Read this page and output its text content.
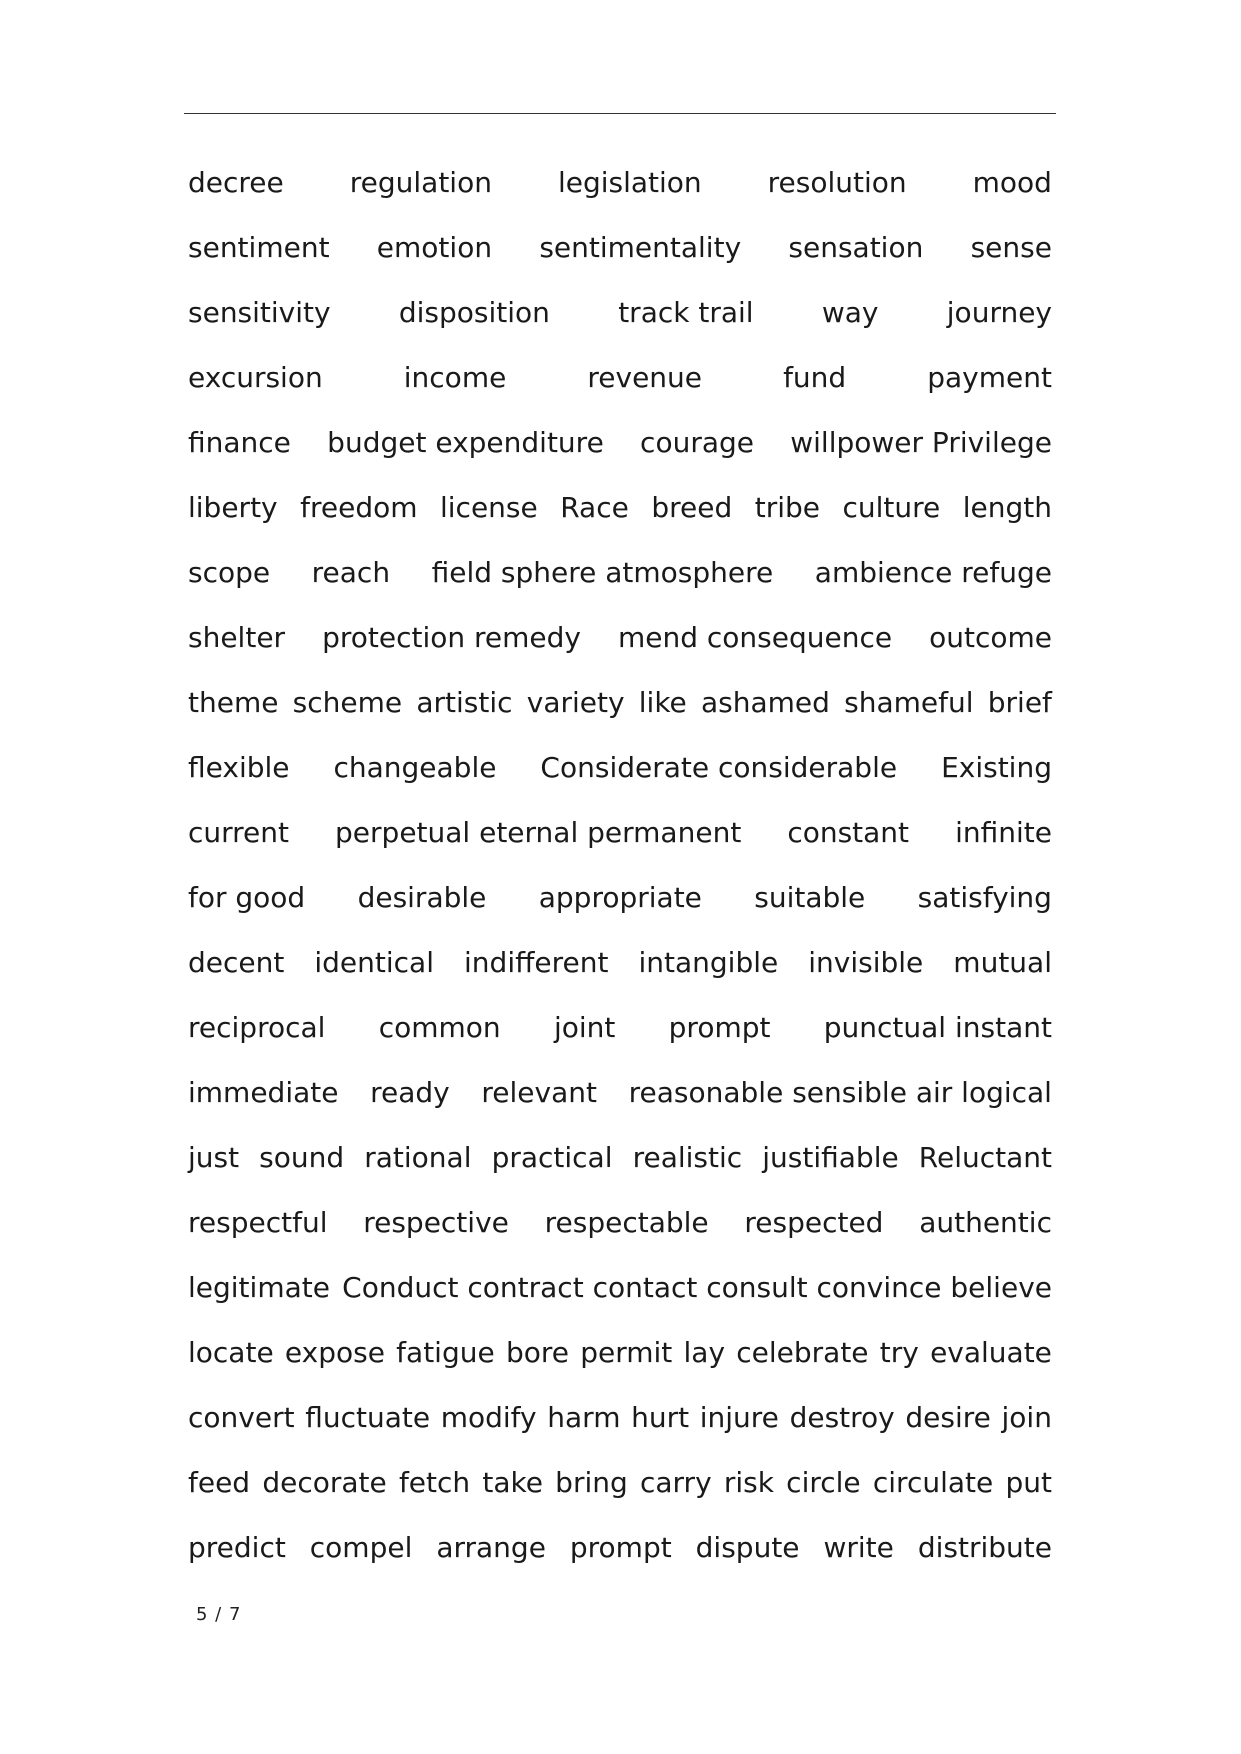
decree regulation legislation resolution mood
sentiment emotion sentimentality sensation sense
sensitivity disposition track trail way journey
excursion	income	revenue	fund	payment
finance budget expenditure courage willpower Privilege
liberty freedom license Race breed tribe culture length
scope reach field sphere atmosphere ambience refuge
shelter protection remedy mend consequence outcome
theme scheme artistic variety like ashamed shameful brief
flexible changeable Considerate considerable Existing
current perpetual eternal permanent constant infinite
for good desirable appropriate suitable satisfying
decent identical indifferent intangible invisible mutual
reciprocal common joint prompt punctual instant
immediate ready relevant reasonable sensible air logical
just sound rational practical realistic justifiable Reluctant
respectful respective respectable respected authentic
legitimate Conduct contract contact consult convince believe
locate expose fatigue bore permit lay celebrate try evaluate
convert fluctuate modify harm hurt injure destroy desire join
feed decorate fetch take bring carry risk circle circulate put
predict compel arrange prompt dispute write distribute
5 / 7
